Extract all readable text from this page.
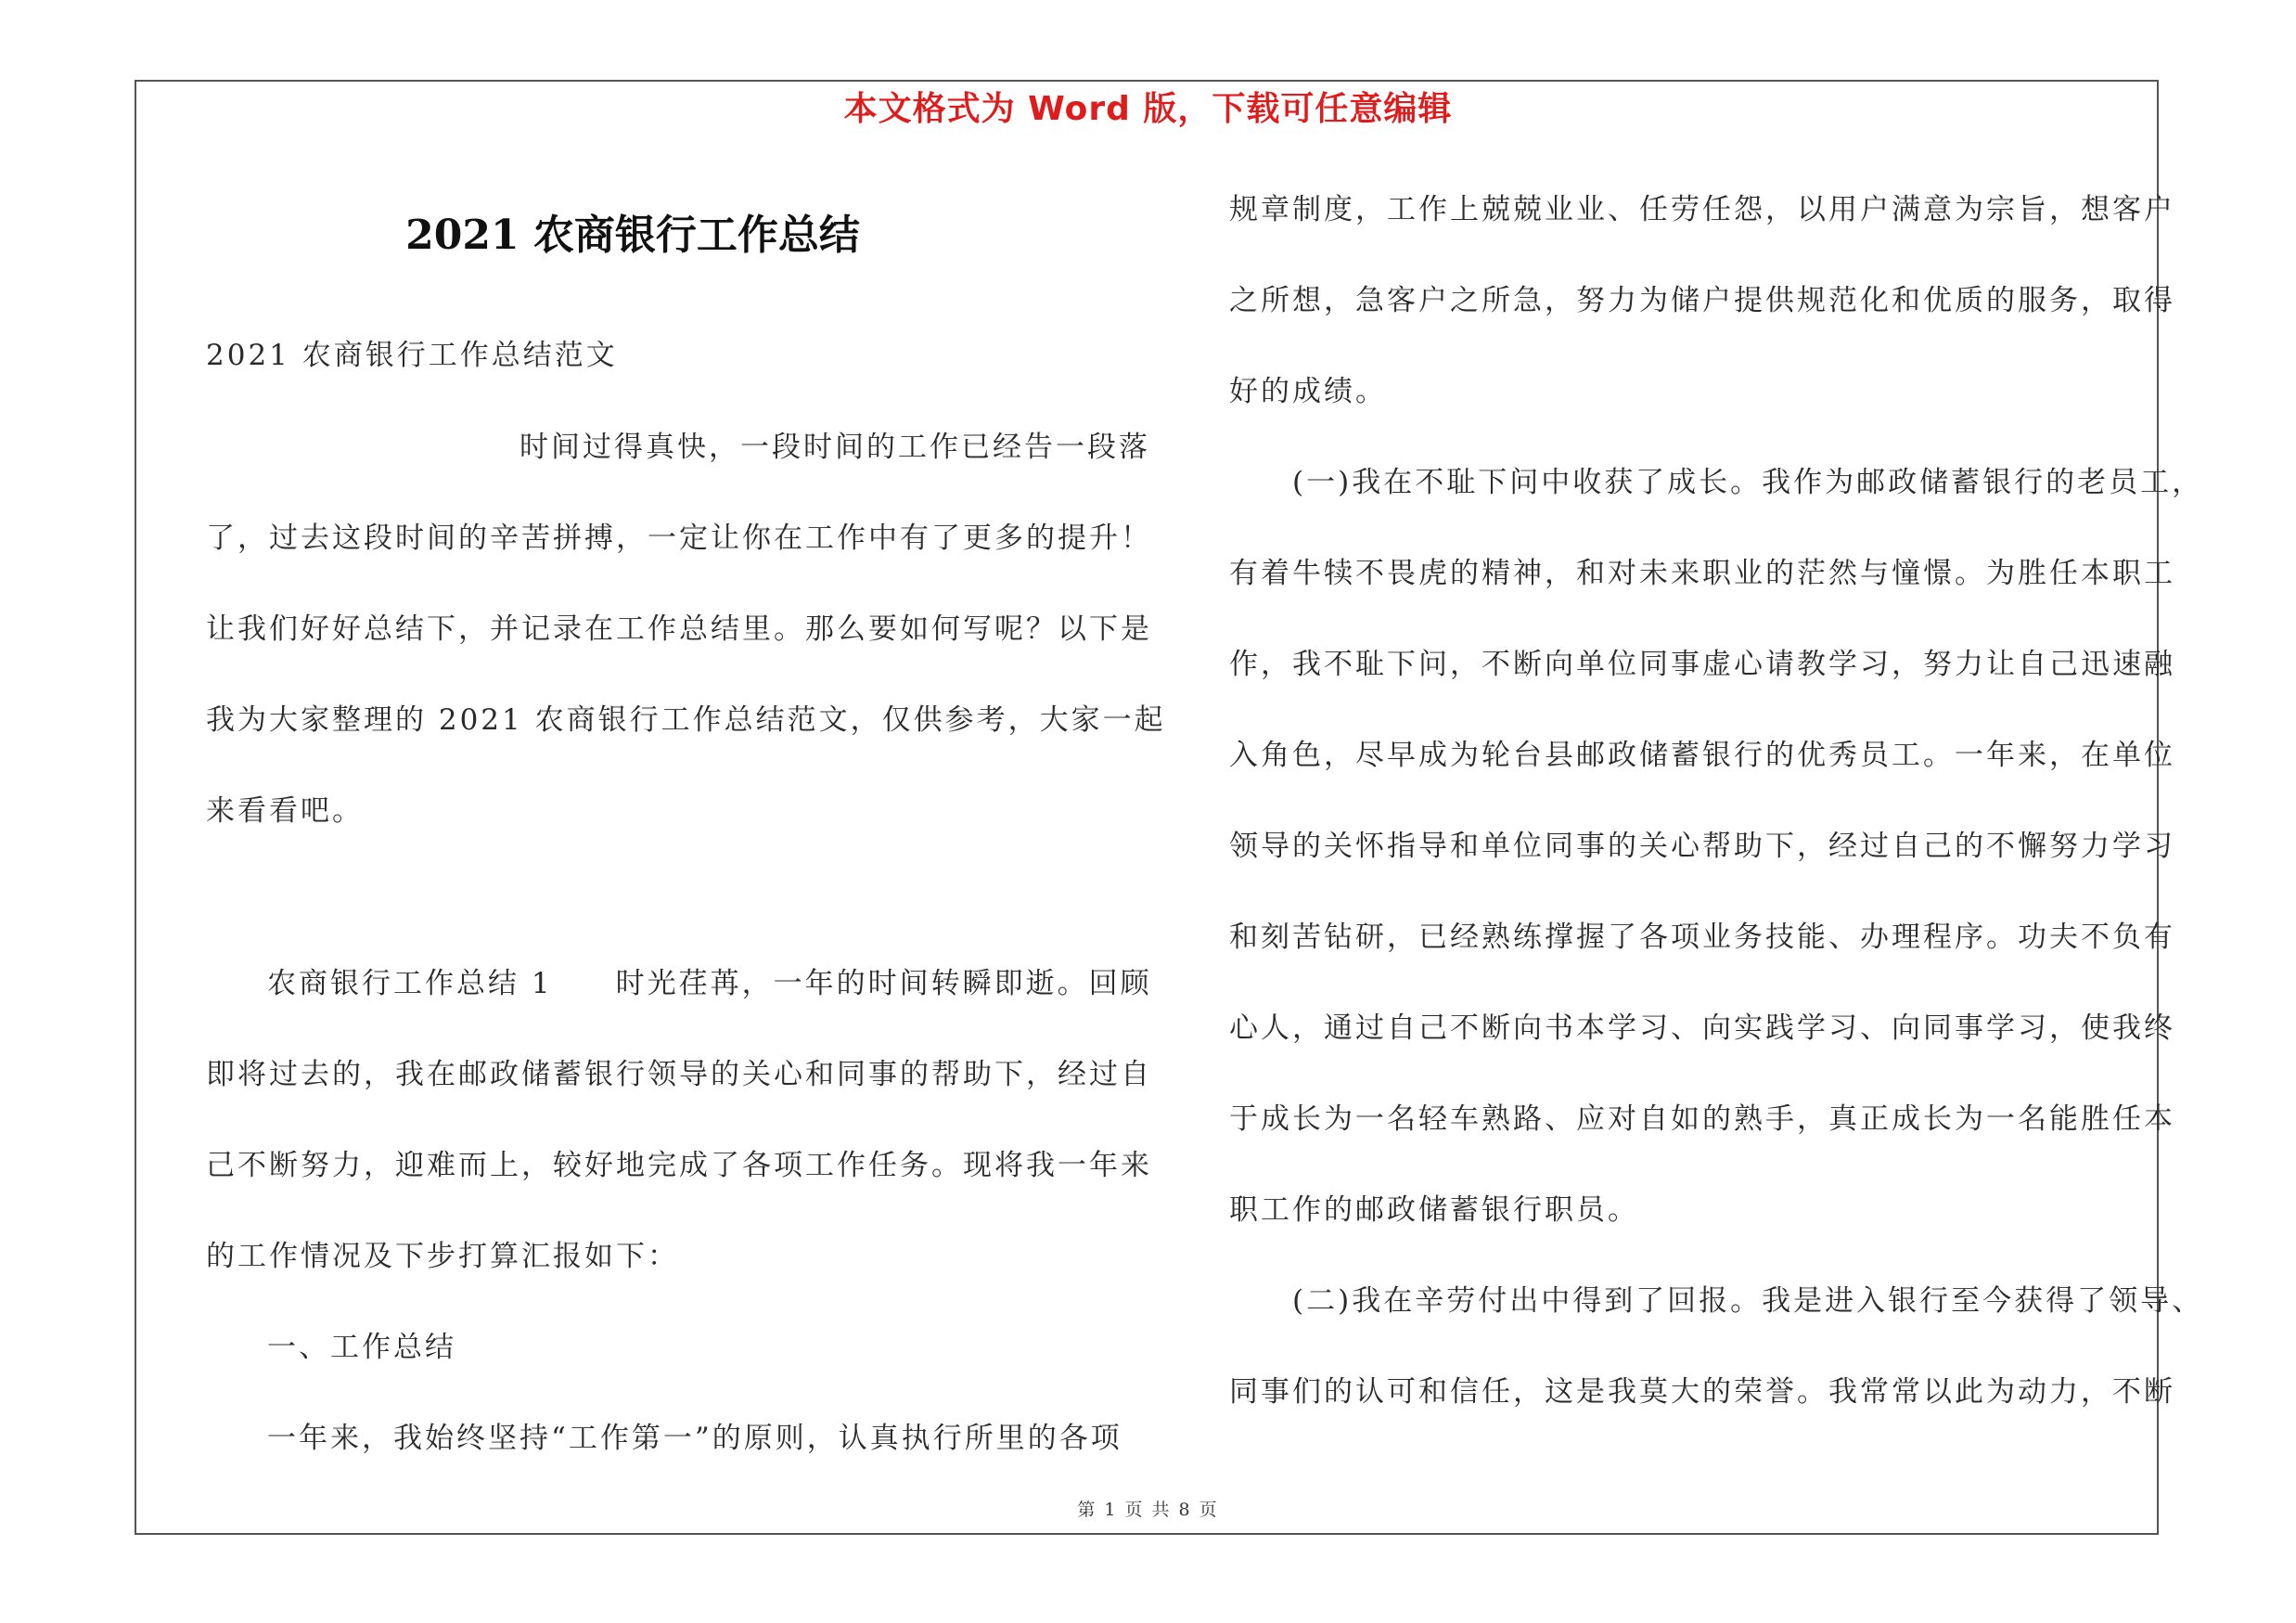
本文格式为 Word 版，下载可任意编辑
2021 农商银行工作总结
2021 农商银行工作总结范文
时间过得真快，一段时间的工作已经告一段落
了，过去这段时间的辛苦拼搏，一定让你在工作中有了更多的提升！
让我们好好总结下，并记录在工作总结里。那么要如何写呢？以下是
我为大家整理的 2021 农商银行工作总结范文，仅供参考，大家一起
来看看吧。
农商银行工作总结 1　　时光荏苒，一年的时间转瞬即逝。回顾
即将过去的，我在邮政储蓄银行领导的关心和同事的帮助下，经过自
己不断努力，迎难而上，较好地完成了各项工作任务。现将我一年来
的工作情况及下步打算汇报如下：
一、工作总结
一年来，我始终坚持“工作第一”的原则，认真执行所里的各项
规章制度，工作上兢兢业业、任劳任怨，以用户满意为宗旨，想客户
之所想，急客户之所急，努力为储户提供规范化和优质的服务，取得
好的成绩。
(一)我在不耻下问中收获了成长。我作为邮政储蓄银行的老员工，
有着牛犊不畏虎的精神，和对未来职业的茫然与憧憬。为胜任本职工
作，我不耻下问，不断向单位同事虚心请教学习，努力让自己迅速融
入角色，尽早成为轮台县邮政储蓄银行的优秀员工。一年来，在单位
领导的关怀指导和单位同事的关心帮助下，经过自己的不懈努力学习
和刻苦钻研，已经熟练撑握了各项业务技能、办理程序。功夫不负有
心人，通过自己不断向书本学习、向实践学习、向同事学习，使我终
于成长为一名轻车熟路、应对自如的熟手，真正成长为一名能胜任本
职工作的邮政储蓄银行职员。
(二)我在辛劳付出中得到了回报。我是进入银行至今获得了领导、
同事们的认可和信任，这是我莫大的荣誉。我常常以此为动力，不断
第 1 页 共 8 页
